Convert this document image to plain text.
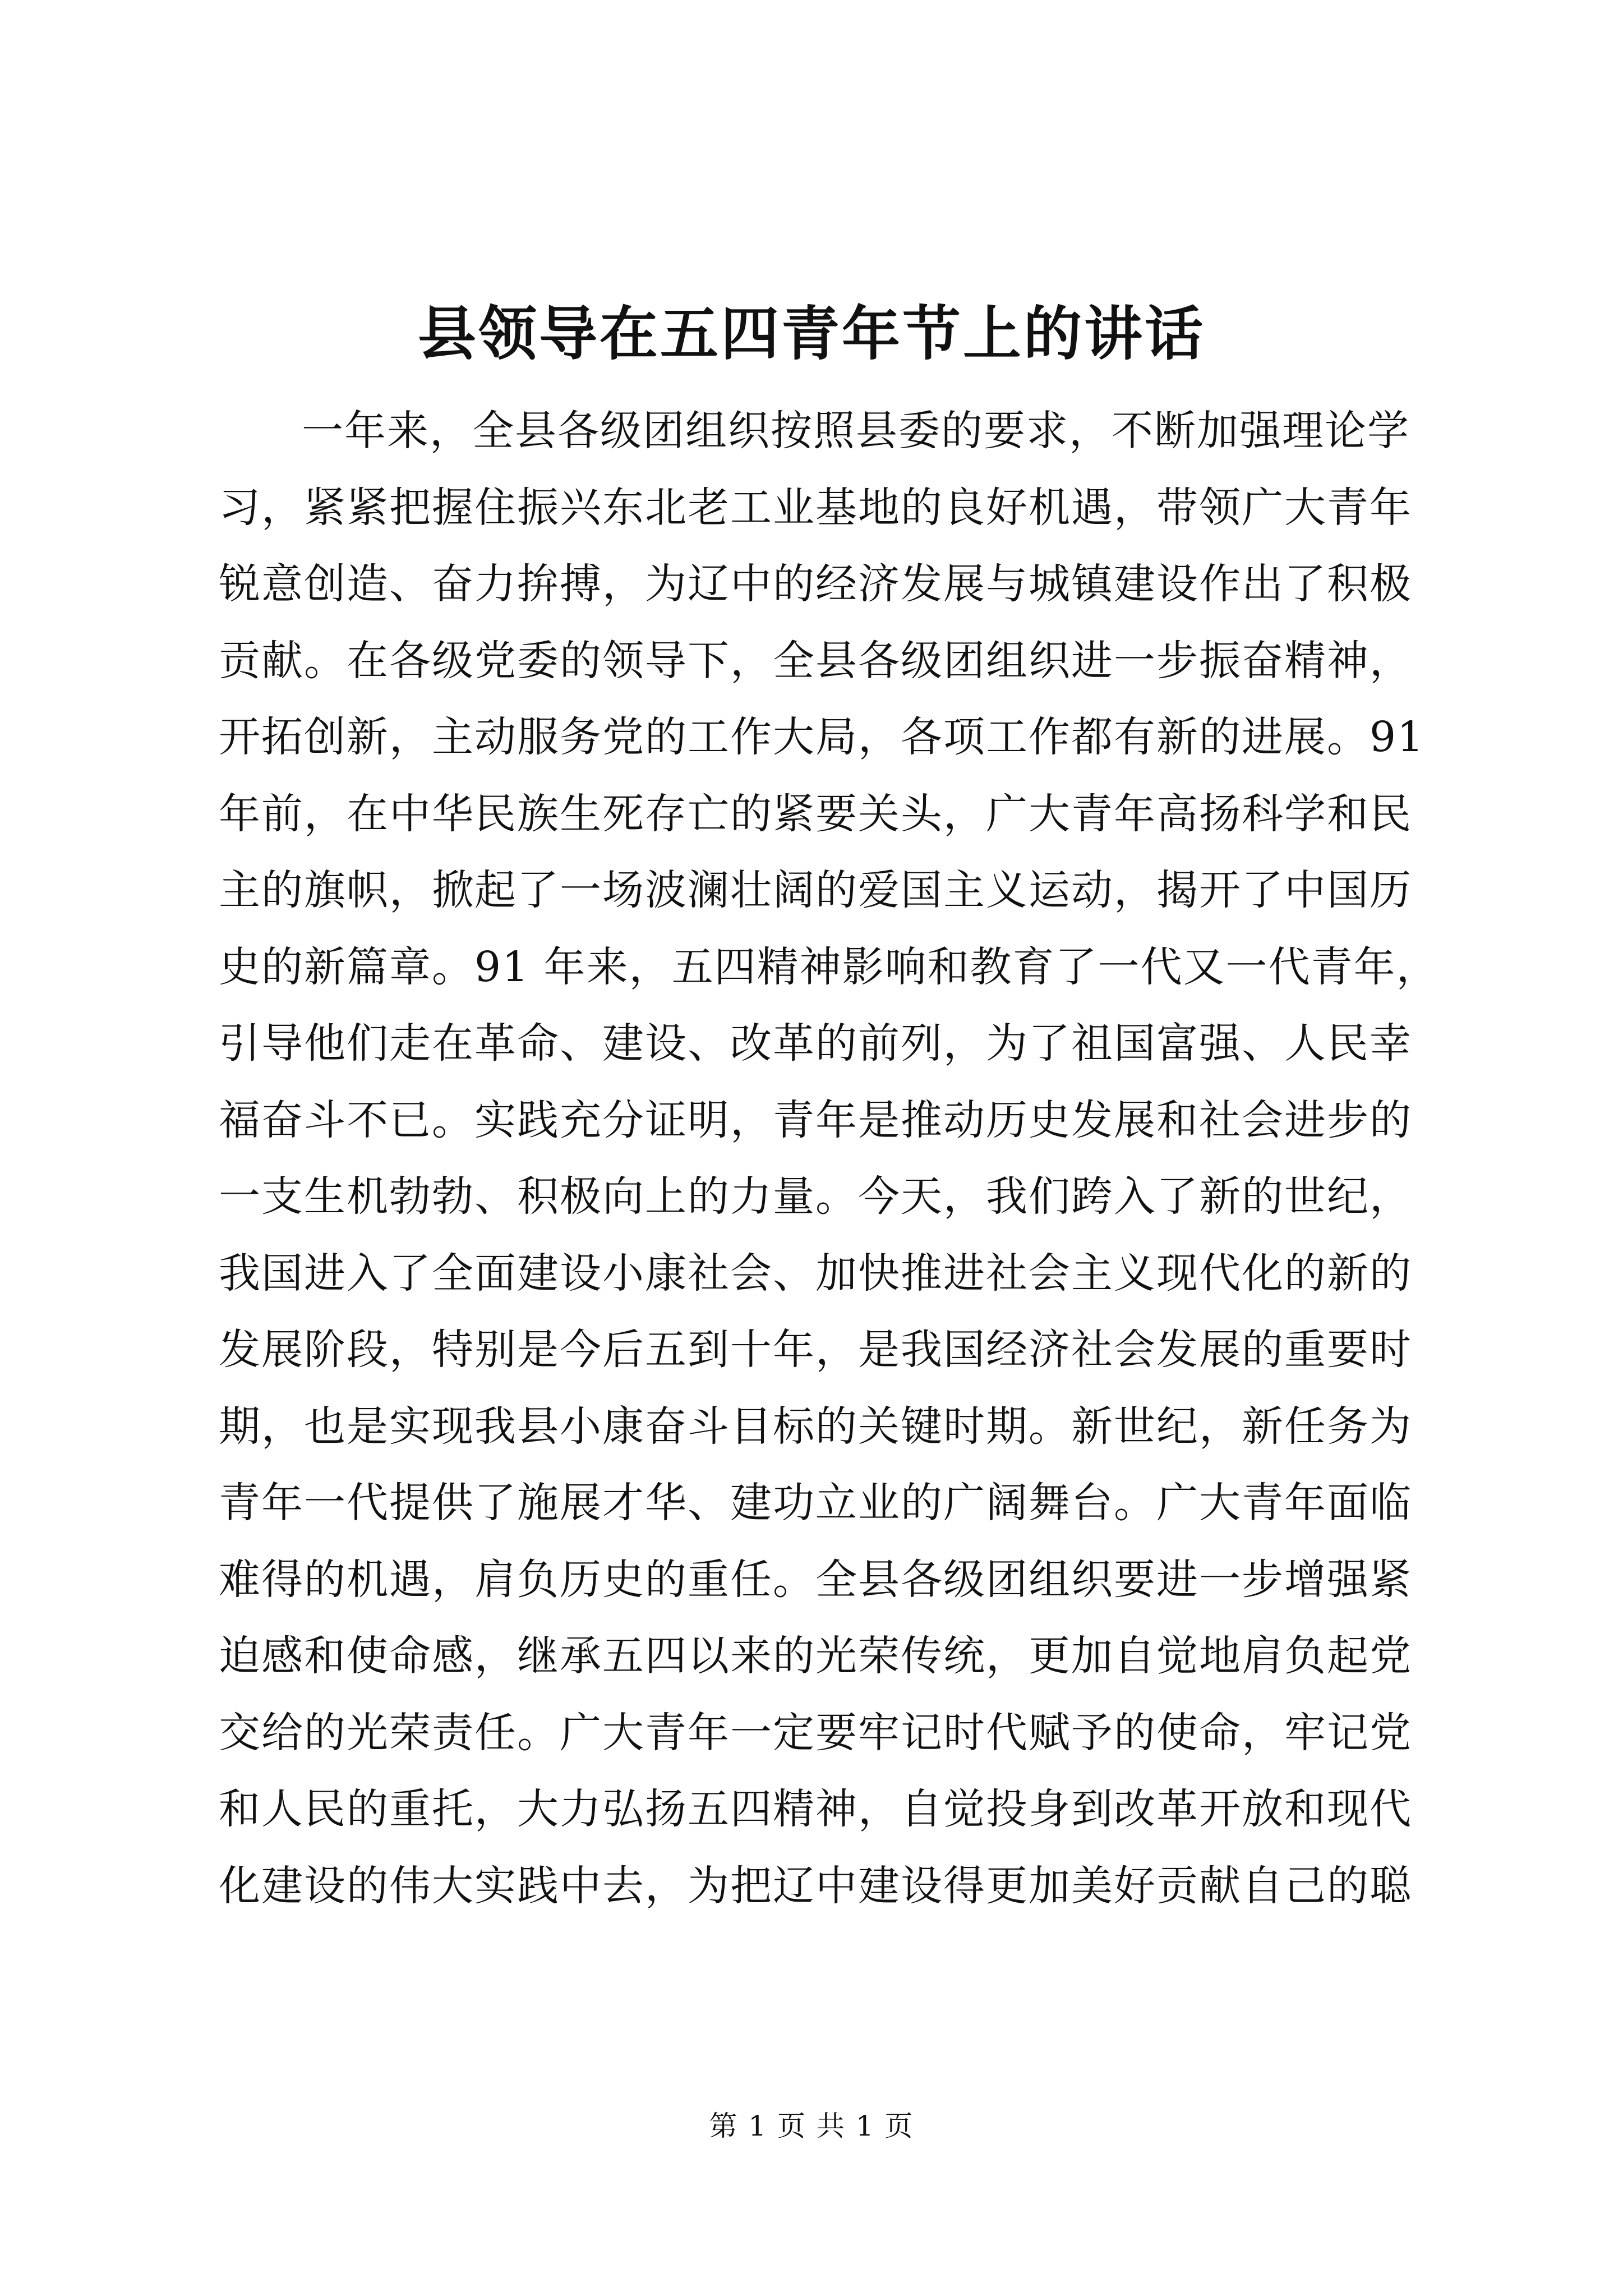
县领导在五四青年节上的讲话
一年来，全县各级团组织按照县委的要求，不断加强理论学
习，紧紧把握住振兴东北老工业基地的良好机遇，带领广大青年
锐意创造、奋力拚搏，为辽中的经济发展与城镇建设作出了积极
贡献。在各级党委的领导下，全县各级团组织进一步振奋精神，
开拓创新，主动服务党的工作大局，各项工作都有新的进展。91
年前，在中华民族生死存亡的紧要关头，广大青年高扬科学和民
主的旗帜，掀起了一场波澜壮阔的爱国主义运动，揭开了中国历
史的新篇章。91 年来，五四精神影响和教育了一代又一代青年，
引导他们走在革命、建设、改革的前列，为了祖国富强、人民幸
福奋斗不已。实践充分证明，青年是推动历史发展和社会进步的
一支生机勃勃、积极向上的力量。今天，我们跨入了新的世纪，
我国进入了全面建设小康社会、加快推进社会主义现代化的新的
发展阶段，特别是今后五到十年，是我国经济社会发展的重要时
期，也是实现我县小康奋斗目标的关键时期。新世纪，新任务为
青年一代提供了施展才华、建功立业的广阔舞台。广大青年面临
难得的机遇，肩负历史的重任。全县各级团组织要进一步增强紧
迫感和使命感，继承五四以来的光荣传统，更加自觉地肩负起党
交给的光荣责任。广大青年一定要牢记时代赋予的使命，牢记党
和人民的重托，大力弘扬五四精神，自觉投身到改革开放和现代
化建设的伟大实践中去，为把辽中建设得更加美好贡献自己的聪
第 1 页 共 1 页
